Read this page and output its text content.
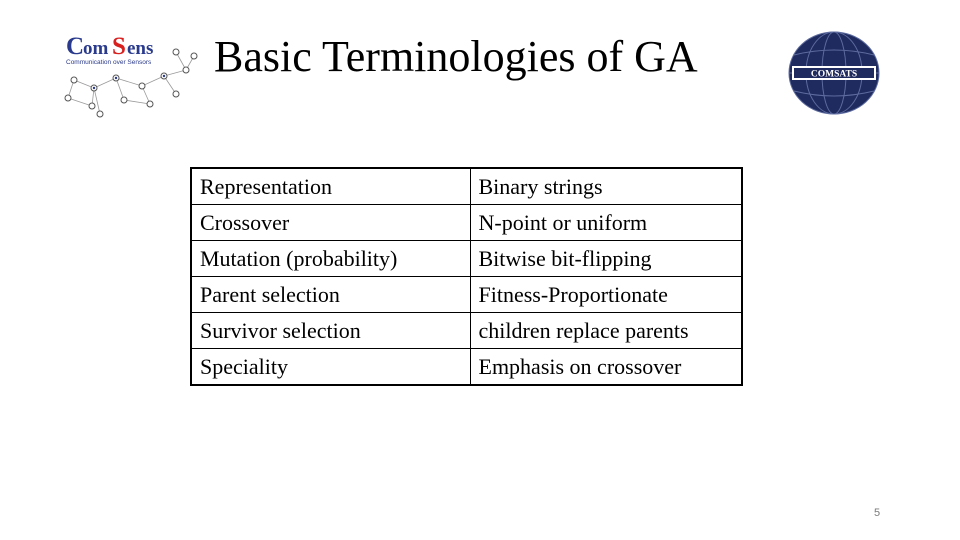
C
om S ens
Communication over Sensors Basic Terminologies of GA	COMSATS
Representation	Binary strings
Crossover	N-point or uniform
Mutation (probability)	Bitwise bit-flipping
Parent selection	Fitness-Proportionate
Survivor selection	children replace parents
Speciality	Emphasis on crossover
5
